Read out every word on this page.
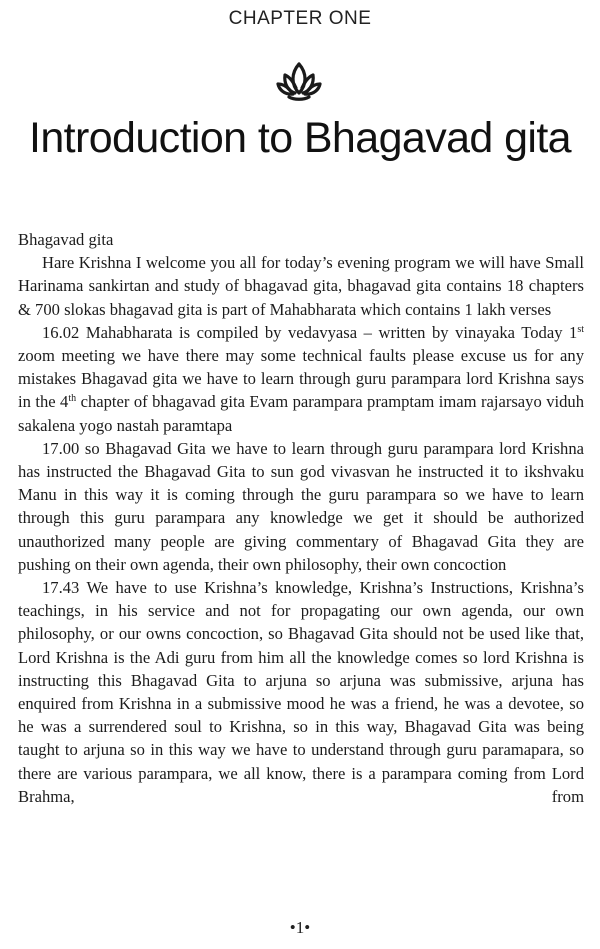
CHAPTER ONE
Introduction to Bhagavad gita

Bhagavad gita

Hare Krishna I welcome you all for today’s evening program we will have Small Harinama sankirtan and study of bhagavad gita, bhagavad gita contains 18 chapters & 700 slokas bhagavad gita is part of Mahabharata which contains 1 lakh verses

16.02 Mahabharata is compiled by vedavyasa – written by vinayaka Today 1st zoom meeting we have there may some technical faults please excuse us for any mistakes Bhagavad gita we have to learn through guru parampara lord Krishna says in the 4th chapter of bhagavad gita Evam parampara pramptam imam rajarsayo viduh sakalena yogo nastah paramtapa

17.00 so Bhagavad Gita we have to learn through guru parampara lord Krishna has instructed the Bhagavad Gita to sun god vivasvan he instructed it to ikshvaku Manu in this way it is coming through the guru parampara so we have to learn through this guru parampara any knowledge we get it should be authorized unauthorized many people are giving commentary of Bhagavad Gita they are pushing on their own agenda, their own philosophy, their own concoction

17.43 We have to use Krishna’s knowledge, Krishna’s Instructions, Krishna’s teachings, in his service and not for propagating our own agenda, our own philosophy, or our owns concoction, so Bhagavad Gita should not be used like that, Lord Krishna is the Adi guru from him all the knowledge comes so lord Krishna is instructing this Bhagavad Gita to arjuna so arjuna was submissive, arjuna has enquired from Krishna in a submissive mood he was a friend, he was a devotee, so he was a surrendered soul to Krishna, so in this way, Bhagavad Gita was being taught to arjuna so in this way we have to understand through guru paramapara, so there are various parampara, we all know, there is a parampara coming from Lord Brahma, from

•1•
